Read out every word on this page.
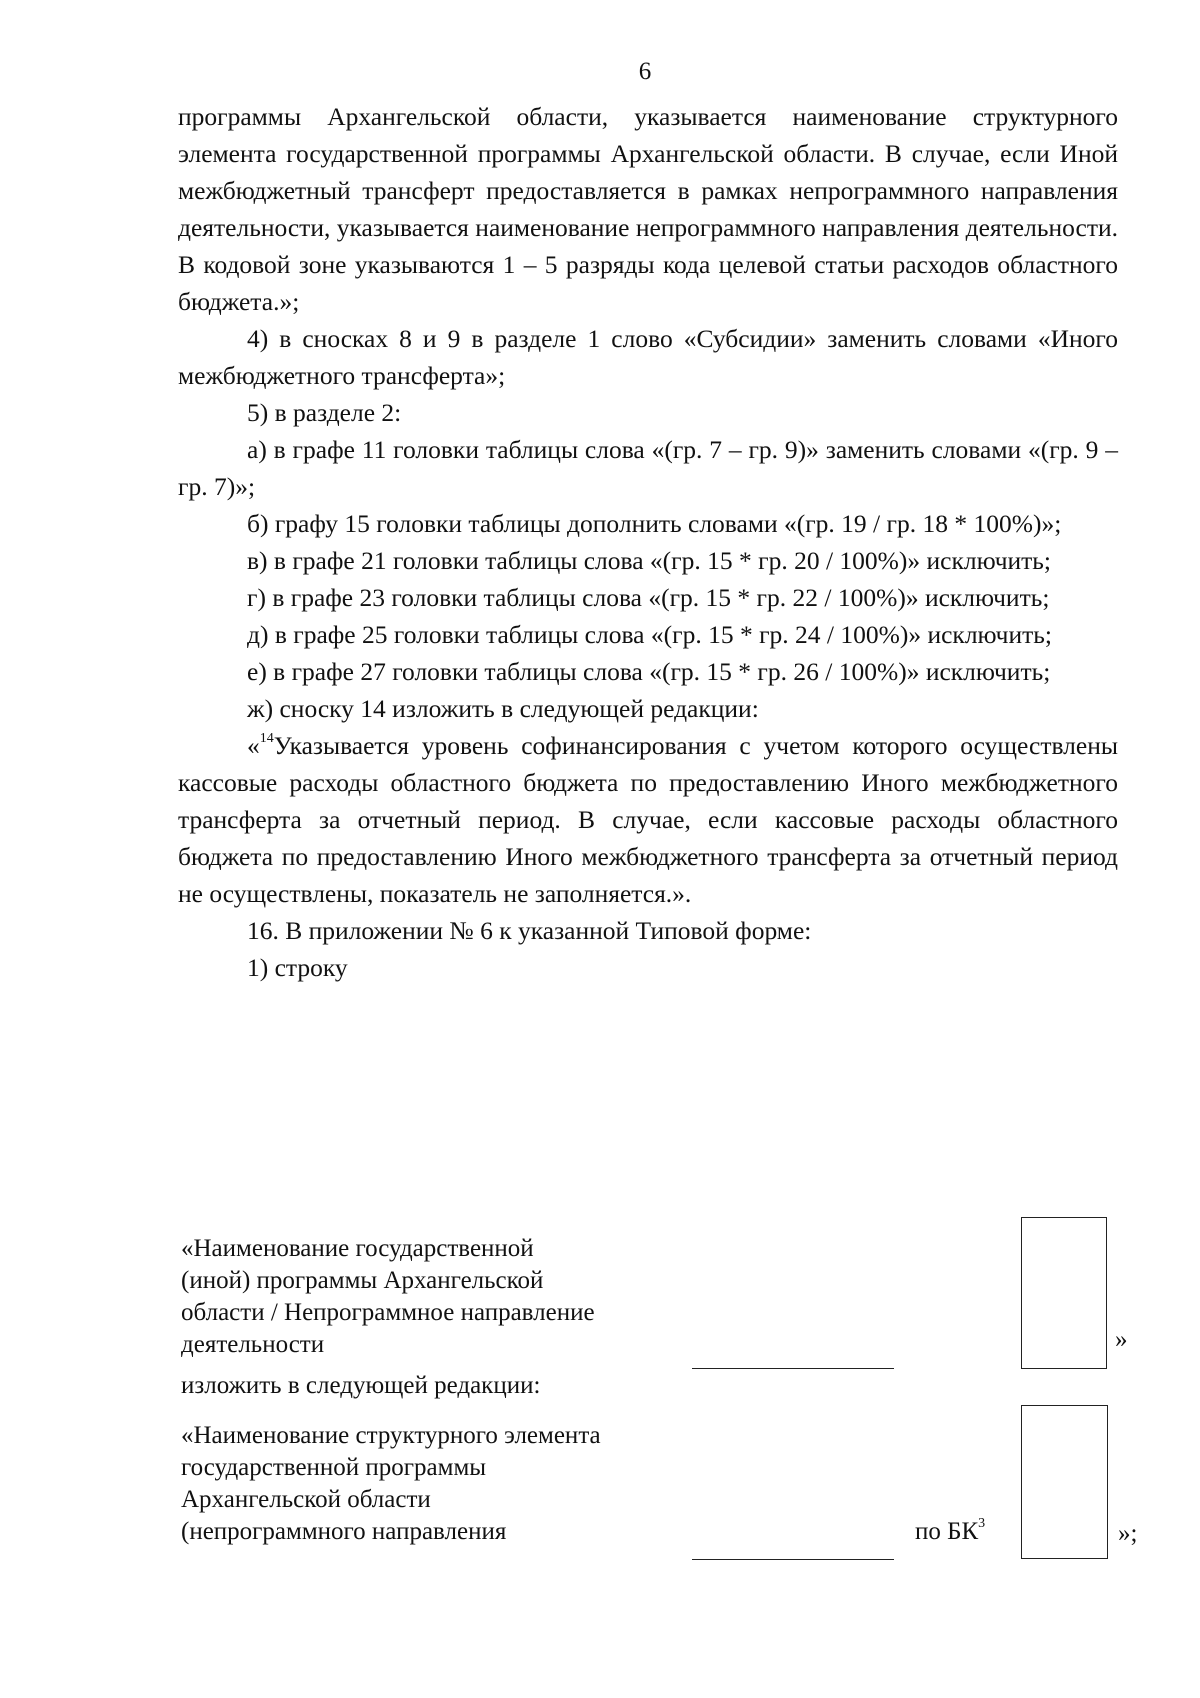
6

программы Архангельской области, указывается наименование структурного элемента государственной программы Архангельской области. В случае, если Иной межбюджетный трансферт предоставляется в рамках непрограммного направления деятельности, указывается наименование непрограммного направления деятельности. В кодовой зоне указываются 1 – 5 разряды кода целевой статьи расходов областного бюджета.»;

4) в сносках 8 и 9 в разделе 1 слово «Субсидии» заменить словами «Иного межбюджетного трансферта»;

5) в разделе 2:

а) в графе 11 головки таблицы слова «(гр. 7 – гр. 9)» заменить словами «(гр. 9 – гр. 7)»;

б) графу 15 головки таблицы дополнить словами «(гр. 19 / гр. 18 * 100%)»;

в) в графе 21 головки таблицы слова «(гр. 15 * гр. 20 / 100%)» исключить;

г) в графе 23 головки таблицы слова «(гр. 15 * гр. 22 / 100%)» исключить;

д) в графе 25 головки таблицы слова «(гр. 15 * гр. 24 / 100%)» исключить;

е) в графе 27 головки таблицы слова «(гр. 15 * гр. 26 / 100%)» исключить;

ж) сноску 14 изложить в следующей редакции:

«$^{14}$Указывается уровень софинансирования с учетом которого осуществлены кассовые расходы областного бюджета по предоставлению Иного межбюджетного трансферта за отчетный период. В случае, если кассовые расходы областного бюджета по предоставлению Иного межбюджетного трансферта за отчетный период не осуществлены, показатель не заполняется.».

16. В приложении № 6 к указанной Типовой форме:

1) строку

«Наименование государственной
(иной) программы Архангельской
области / Непрограммное направление
деятельности	»
изложить в следующей редакции:
«Наименование структурного элемента
государственной программы
Архангельской области
(непрограммного направления	по $БК^3$	»;
